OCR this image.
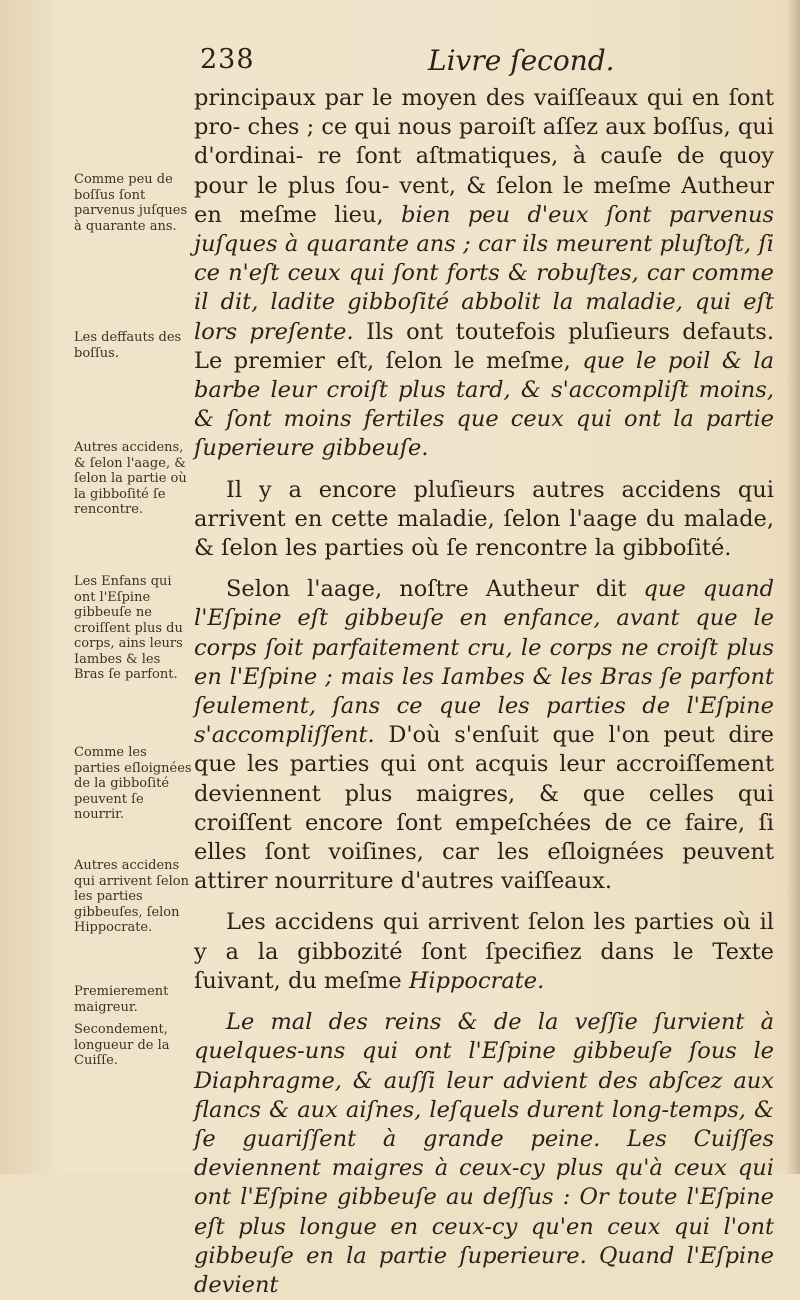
238	Livre ſecond.
Comme peu de boſſus ſont parvenus juſques à quarante ans.
Les deffauts des boſſus.
Autres accidens, & ſelon l'aage, & ſelon la partie où la gibboſité ſe rencontre.
Les Enfans qui ont l'Eſpine gibbeuſe ne croiſſent plus du corps, ains leurs Iambes & les Bras ſe parfont.
Comme les parties eſloignées de la gibboſité peuvent ſe nourrir.
Autres accidens qui arrivent ſelon les parties gibbeuſes, ſelon Hippocrate.
Premierement maigreur.
Secondement, longueur de la Cuiſſe.

principaux par le moyen des vaiſſeaux qui en ſont pro- ches ; ce qui nous paroiſt aſſez aux boſſus, qui d'ordinai- re ſont aſtmatiques, à cauſe de quoy pour le plus ſou- vent, & ſelon le meſme Autheur en meſme lieu, bien peu d'eux ſont parvenus juſques à quarante ans ; car ils meurent pluſtoſt, ſi ce n'eſt ceux qui ſont forts & robuſtes, car comme il dit, ladite gibboſité abbolit la maladie, qui eſt lors preſente. Ils ont toutefois pluſieurs defauts. Le premier eſt, ſelon le meſme, que le poil & la barbe leur croiſt plus tard, & s'accompliſt moins, & ſont moins fertiles que ceux qui ont la partie ſuperieure gibbeuſe.

Il y a encore pluſieurs autres accidens qui arrivent en cette maladie, ſelon l'aage du malade, & ſelon les parties où ſe rencontre la gibboſité.

Selon l'aage, noſtre Autheur dit que quand l'Eſpine eſt gibbeuſe en enfance, avant que le corps ſoit parfaitement cru, le corps ne croiſt plus en l'Eſpine ; mais les Iambes & les Bras ſe parfont ſeulement, ſans ce que les parties de l'Eſpine s'accompliſſent. D'où s'enſuit que l'on peut dire que les parties qui ont acquis leur accroiſſement deviennent plus maigres, & que celles qui croiſſent encore ſont empeſchées de ce faire, ſi elles ſont voiſines, car les eſloignées peuvent attirer nourriture d'autres vaiſſeaux.

Les accidens qui arrivent ſelon les parties où il y a la gibbozité ſont ſpecifiez dans le Texte ſuivant, du meſme Hippocrate.

Le mal des reins & de la veſſie ſurvient à quelques-uns qui ont l'Eſpine gibbeuſe ſous le Diaphragme, & auſſi leur advient des abſcez aux flancs & aux aiſnes, leſquels durent long-temps, & ſe guariſſent à grande peine. Les Cuiſſes deviennent maigres à ceux-cy plus qu'à ceux qui ont l'Eſpine gibbeuſe au deſſus : Or toute l'Eſpine eſt plus longue en ceux-cy qu'en ceux qui l'ont gibbeuſe en la partie ſuperieure. Quand l'Eſpine devient
